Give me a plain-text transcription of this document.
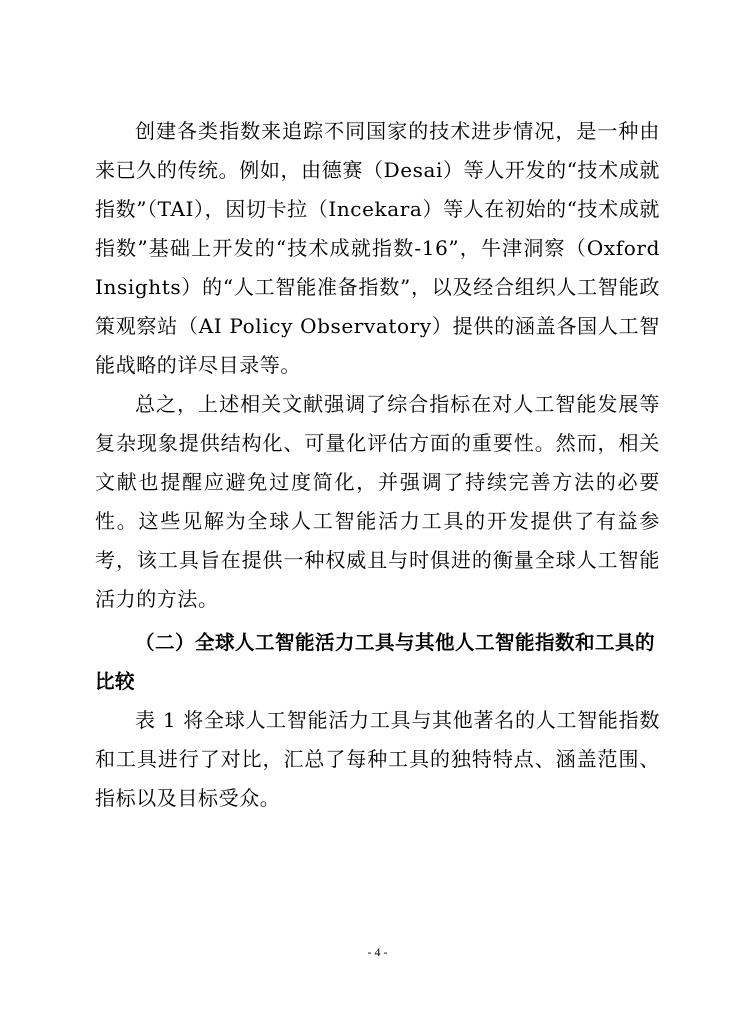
创建各类指数来追踪不同国家的技术进步情况，是一种由来已久的传统。例如，由德赛（Desai）等人开发的“技术成就指数”（TAI），因切卡拉（Incekara）等人在初始的“技术成就指数”基础上开发的“技术成就指数-16”，牛津洞察（Oxford Insights）的“人工智能准备指数”，以及经合组织人工智能政策观察站（AI Policy Observatory）提供的涵盖各国人工智能战略的详尽目录等。

总之，上述相关文献强调了综合指标在对人工智能发展等复杂现象提供结构化、可量化评估方面的重要性。然而，相关文献也提醒应避免过度简化，并强调了持续完善方法的必要性。这些见解为全球人工智能活力工具的开发提供了有益参考，该工具旨在提供一种权威且与时俱进的衡量全球人工智能活力的方法。

（二）全球人工智能活力工具与其他人工智能指数和工具的比较

表 1 将全球人工智能活力工具与其他著名的人工智能指数和工具进行了对比，汇总了每种工具的独特特点、涵盖范围、指标以及目标受众。

- 4 -
